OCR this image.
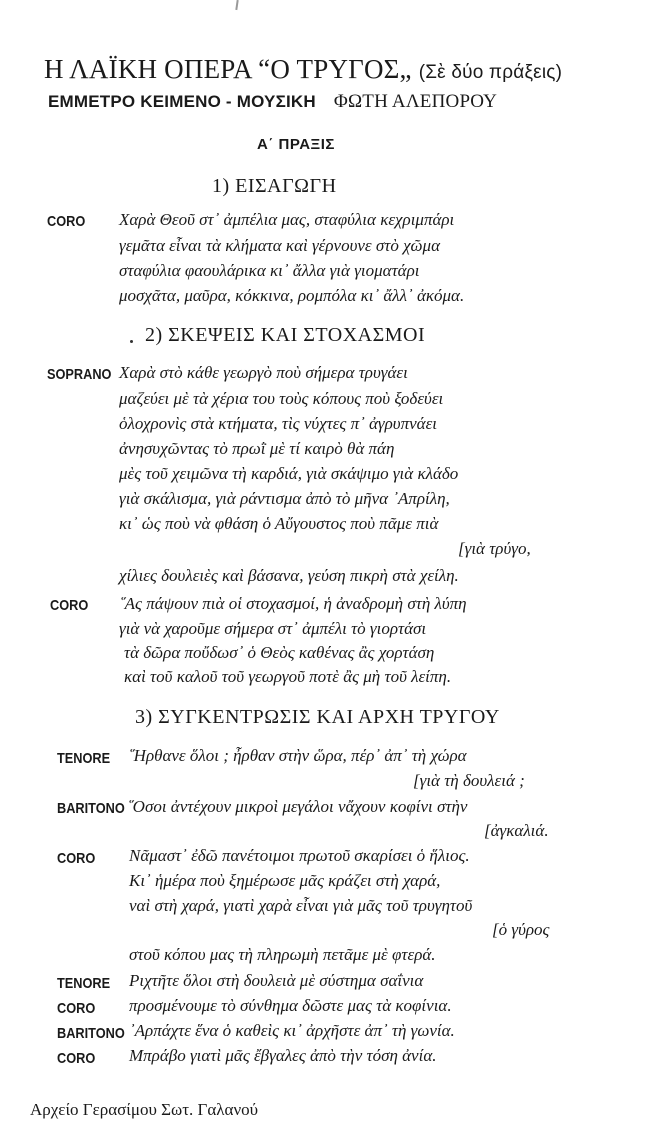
Η ΛΑΪΚΗ ΟΠΕΡΑ “Ο ΤΡΥΓΟΣ„ (Σὲ δύο πράξεις)
ΕΜΜΕΤΡΟ ΚΕΙΜΕΝΟ - ΜΟΥΣΙΚΗ ΦΩΤΗ ΑΛΕΠΟΡΟΥ
Α΄ ΠΡΑΞΙΣ
1) ΕΙΣΑΓΩΓΗ
CORO Χαρὰ Θεοῦ στ᾽ ἀμπέλια μας, σταφύλια κεχριμπάρι
γεμᾶτα εἶναι τὰ κλήματα καὶ γέρνουνε στὸ χῶμα
σταφύλια φαουλάρικα κι᾽ ἄλλα γιὰ γιοματάρι
μοσχᾶτα, μαῦρα, κόκκινα, ρομπόλα κι᾽ ἄλλ᾽ ἀκόμα.
2) ΣΚΕΨΕΙΣ ΚΑΙ ΣΤΟΧΑΣΜΟΙ
SOPRANO Χαρὰ στὸ κάθε γεωργὸ ποὺ σήμερα τρυγάει
μαζεύει μὲ τὰ χέρια του τοὺς κόπους ποὺ ξοδεύει
ὁλοχρονὶς στὰ κτήματα, τὶς νύχτες π᾽ ἀγρυπνάει
ἀνησυχῶντας τὸ πρωῒ μὲ τί καιρὸ θὰ πάη
μὲς τοῦ χειμῶνα τὴ καρδιά, γιὰ σκάψιμο γιὰ κλάδο
γιὰ σκάλισμα, γιὰ ράντισμα ἀπὸ τὸ μῆνα ᾽Απρίλη,
κι᾽ ὡς ποὺ νὰ φθάση ὁ Αὔγουστος ποὺ πᾶμε πιὰ
[γιὰ τρύγο,
χίλιες δουλειὲς καὶ βάσανα, γεύση πικρὴ στὰ χείλη.
CORO ῞Ας πάψουν πιὰ οἱ στοχασμοί, ἡ ἀναδρομὴ στὴ λύπη
γιὰ νὰ χαροῦμε σήμερα στ᾽ ἀμπέλι τὸ γιορτάσι
τὰ δῶρα ποὔδωσ᾽ ὁ Θεὸς καθένας ἂς χορτάση
καὶ τοῦ καλοῦ τοῦ γεωργοῦ ποτὲ ἂς μὴ τοῦ λείπη.
3) ΣΥΓΚΕΝΤΡΩΣΙΣ ΚΑΙ ΑΡΧΗ ΤΡΥΓΟΥ
TENORE ῞Ηρθανε ὅλοι ; ἦρθαν στὴν ὥρα, πέρ᾽ ἀπ᾽ τὴ χώρα
[γιὰ τὴ δουλειά ;
BARITONO ῞Οσοι ἀντέχουν μικροὶ μεγάλοι νἄχουν κοφίνι στὴν
[ἀγκαλιά.
CORO Νᾶμαστ᾽ ἐδῶ πανέτοιμοι πρωτοῦ σκαρίσει ὁ ἥλιος.
Κι᾽ ἡμέρα ποὺ ξημέρωσε μᾶς κράζει στὴ χαρά,
ναὶ στὴ χαρά, γιατὶ χαρὰ εἶναι γιὰ μᾶς τοῦ τρυγητοῦ
[ὁ γύρος
στοῦ κόπου μας τὴ πληρωμὴ πετᾶμε μὲ φτερά.
TENORE Ριχτῆτε ὅλοι στὴ δουλειὰ μὲ σύστημα σαΐνια
CORO προσμένουμε τὸ σύνθημα δῶστε μας τὰ κοφίνια.
BARITONO ᾽Αρπάχτε ἕνα ὁ καθεὶς κι᾽ ἀρχῆστε ἀπ᾽ τὴ γωνία.
CORO Μπράβο γιατὶ μᾶς ἔβγαλες ἀπὸ τὴν τόση ἀνία.
Αρχείο Γερασίμου Σωτ. Γαλανού
